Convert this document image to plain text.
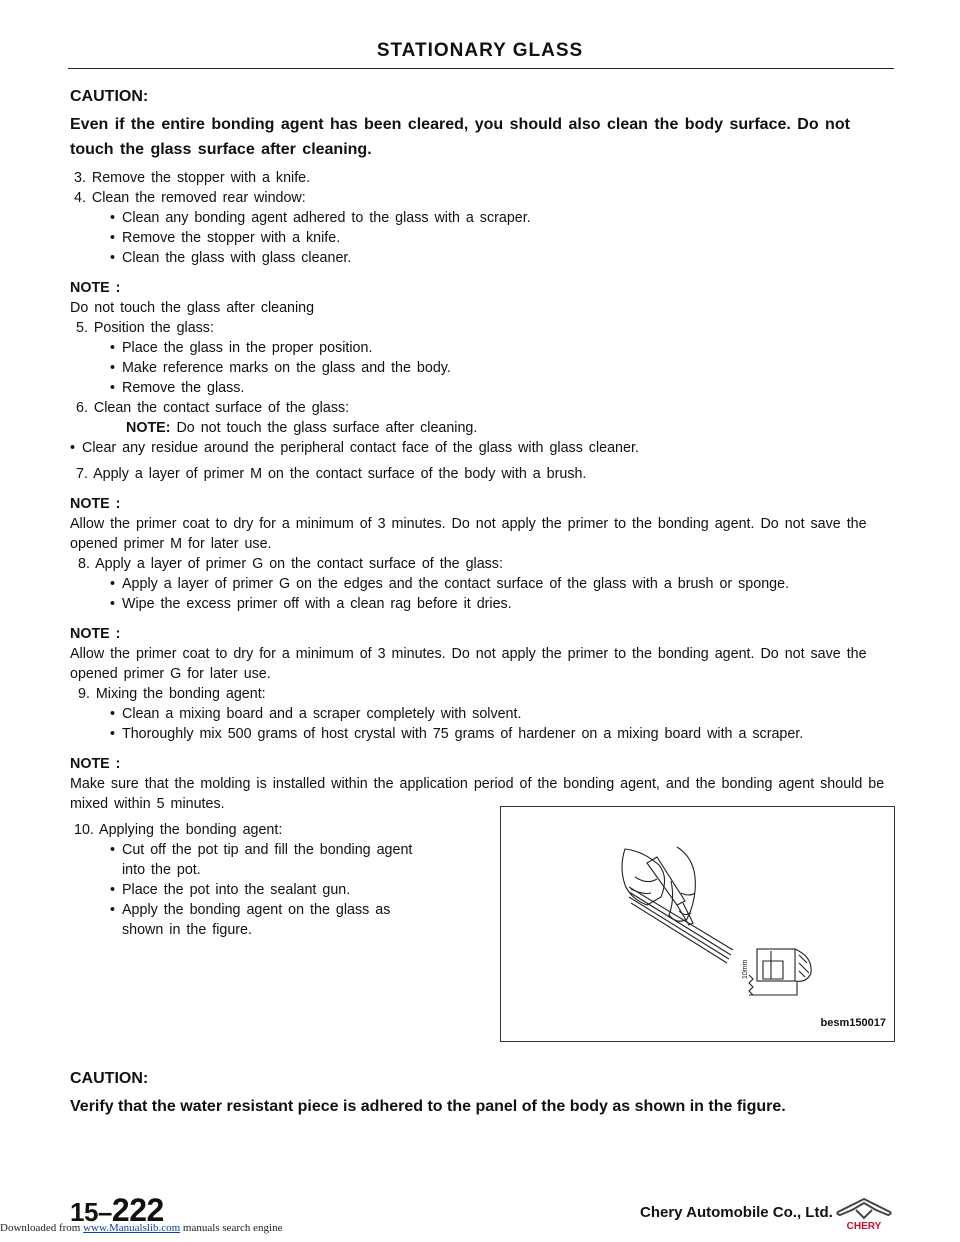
STATIONARY GLASS

CAUTION:

Even if the entire bonding agent has been cleared, you should also clean the body surface. Do not touch the glass surface after cleaning.

3. Remove the stopper with a knife.

4. Clean the removed rear window:

• Clean any bonding agent adhered to the glass with a scraper.
• Remove the stopper with a knife.
• Clean the glass with glass cleaner.

NOTE :

Do not touch the glass after cleaning

5. Position the glass:

• Place the glass in the proper position.
• Make reference marks on the glass and the body.
• Remove the glass.

6. Clean the contact surface of the glass:

NOTE: Do not touch the glass surface after cleaning.

• Clear any residue around the peripheral contact face of the glass with glass cleaner.

7. Apply a layer of primer M on the contact surface of the body with a brush.

NOTE :

Allow the primer coat to dry for a minimum of 3 minutes. Do not apply the primer to the bonding agent. Do not save the opened primer M for later use.

8. Apply a layer of primer G on the contact surface of the glass:

• Apply a layer of primer G on the edges and the contact surface of the glass with a brush or sponge.
• Wipe the excess primer off with a clean rag before it dries.

NOTE :

Allow the primer coat to dry for a minimum of 3 minutes. Do not apply the primer to the bonding agent. Do not save the opened primer G for later use.

9. Mixing the bonding agent:

• Clean a mixing board and a scraper completely with solvent.
• Thoroughly mix 500 grams of host crystal with 75 grams of hardener on a mixing board with a scraper.

NOTE :

Make sure that the molding is installed within the application period of the bonding agent, and the bonding agent should be mixed within 5 minutes.

10. Applying the bonding agent:

• Cut off the pot tip and fill the bonding agent
into the pot.
• Place the pot into the sealant gun.
• Apply the bonding agent on the glass as
shown in the figure.
10mm
besm150017

CAUTION:

Verify that the water resistant piece is adhered to the panel of the body as shown in the figure.

15–222	Chery Automobile Co., Ltd.
CHERY
Downloaded from www.Manualslib.com manuals search engine
